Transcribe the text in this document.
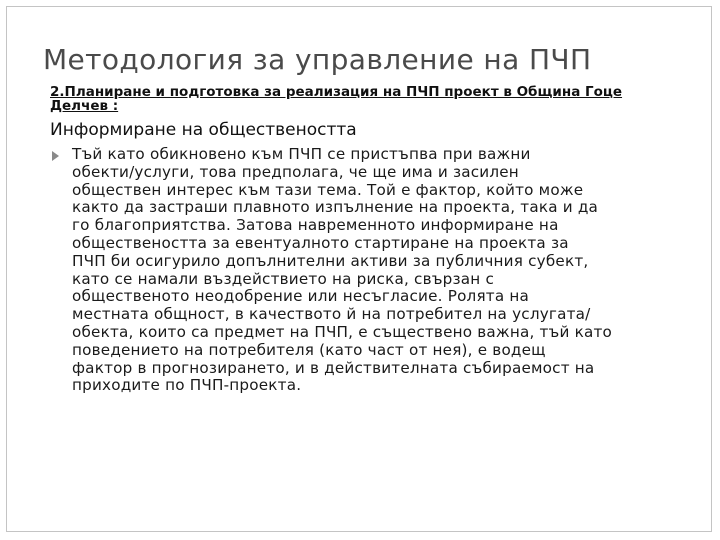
Методология за управление на ПЧП

2.Планиране и подготовка за реализация на ПЧП проект в Община Гоце Делчев :

Информиране на обществеността

Тъй като обикновено към ПЧП се пристъпва при важни
обекти/услуги, това предполага, че ще има и засилен
обществен интерес към тази тема. Той е фактор, който може
както да застраши плавното изпълнение на проекта, така и да
го благоприятства. Затова навременното информиране на
обществеността за евентуалното стартиране на проекта за
ПЧП би осигурило допълнителни активи за публичния субект,
като се намали въздействието на риска, свързан с
общественото неодобрение или несъгласие. Ролята на
местната общност, в качеството й на потребител на услугата/
обекта, които са предмет на ПЧП, е съществено важна, тъй като
поведението на потребителя (като част от нея), е водещ
фактор в прогнозирането, и в действителната събираемост на
приходите по ПЧП-проекта.
